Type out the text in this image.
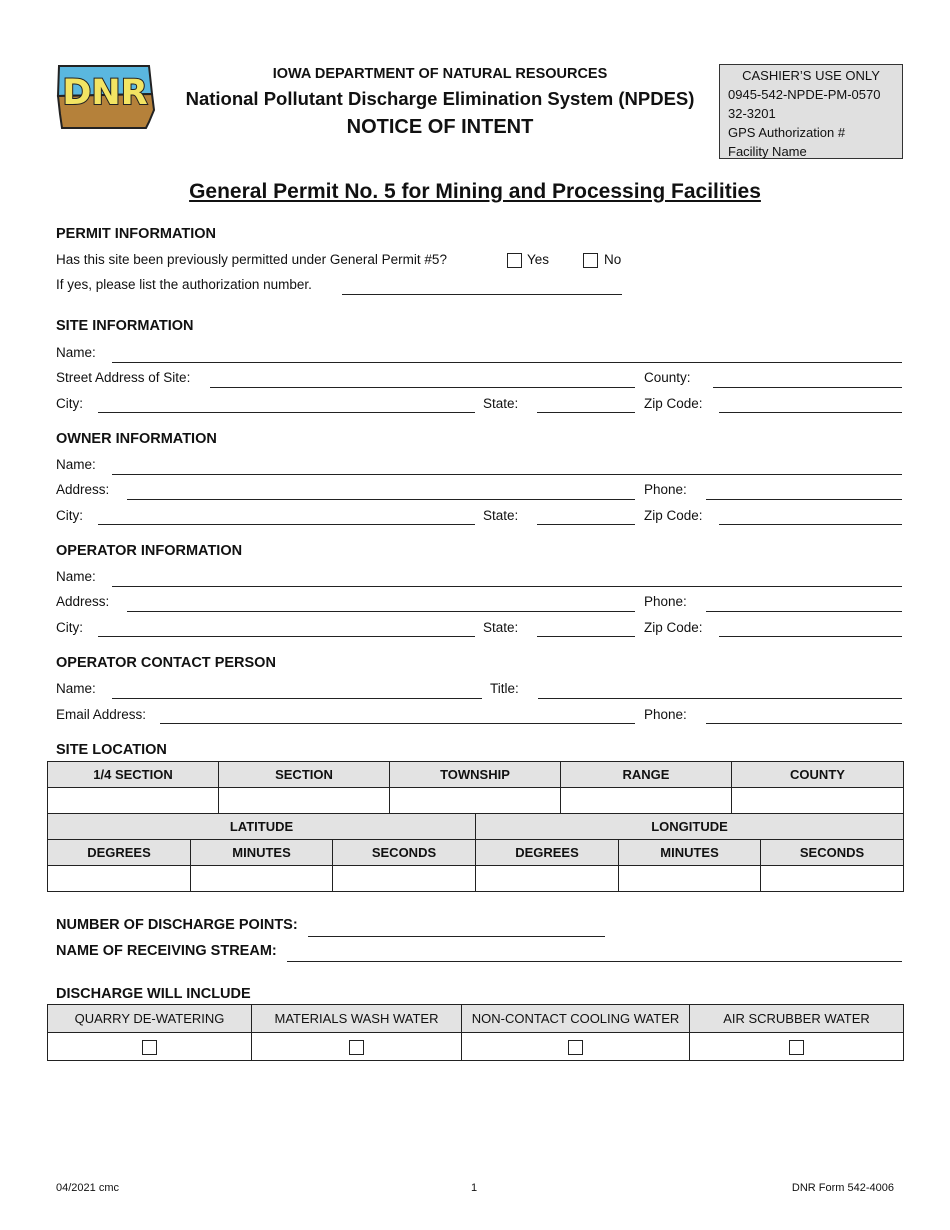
DNR	IOWA DEPARTMENT OF NATURAL RESOURCES
National Pollutant Discharge Elimination System (NPDES)
NOTICE OF INTENT
CASHIER’S USE ONLY
0945-542-NPDE-PM-0570
32-3201
GPS Authorization #
Facility Name
General Permit No. 5 for Mining and Processing Facilities
PERMIT INFORMATION
Has this site been previously permitted under General Permit #5?	Yes	No
If yes, please list the authorization number.
SITE INFORMATION
Name:
Street Address of Site:	County:
City:	State:	Zip Code:
OWNER INFORMATION
Name:
Address:	Phone:
City:	State:	Zip Code:
OPERATOR INFORMATION
Name:
Address:	Phone:
City:	State:	Zip Code:
OPERATOR CONTACT PERSON
Name:	Title:
Email Address:	Phone:
SITE LOCATION
1/4 SECTION	SECTION	TOWNSHIP	RANGE	COUNTY

LATITUDE			LONGITUDE		
DEGREES	MINUTES	SECONDS	DEGREES	MINUTES	SECONDS

NUMBER OF DISCHARGE POINTS:
NAME OF RECEIVING STREAM:
DISCHARGE WILL INCLUDE
QUARRY DE-WATERING	MATERIALS WASH WATER	NON-CONTACT COOLING WATER	AIR SCRUBBER WATER

04/2021 cmc	1	DNR Form 542-4006
